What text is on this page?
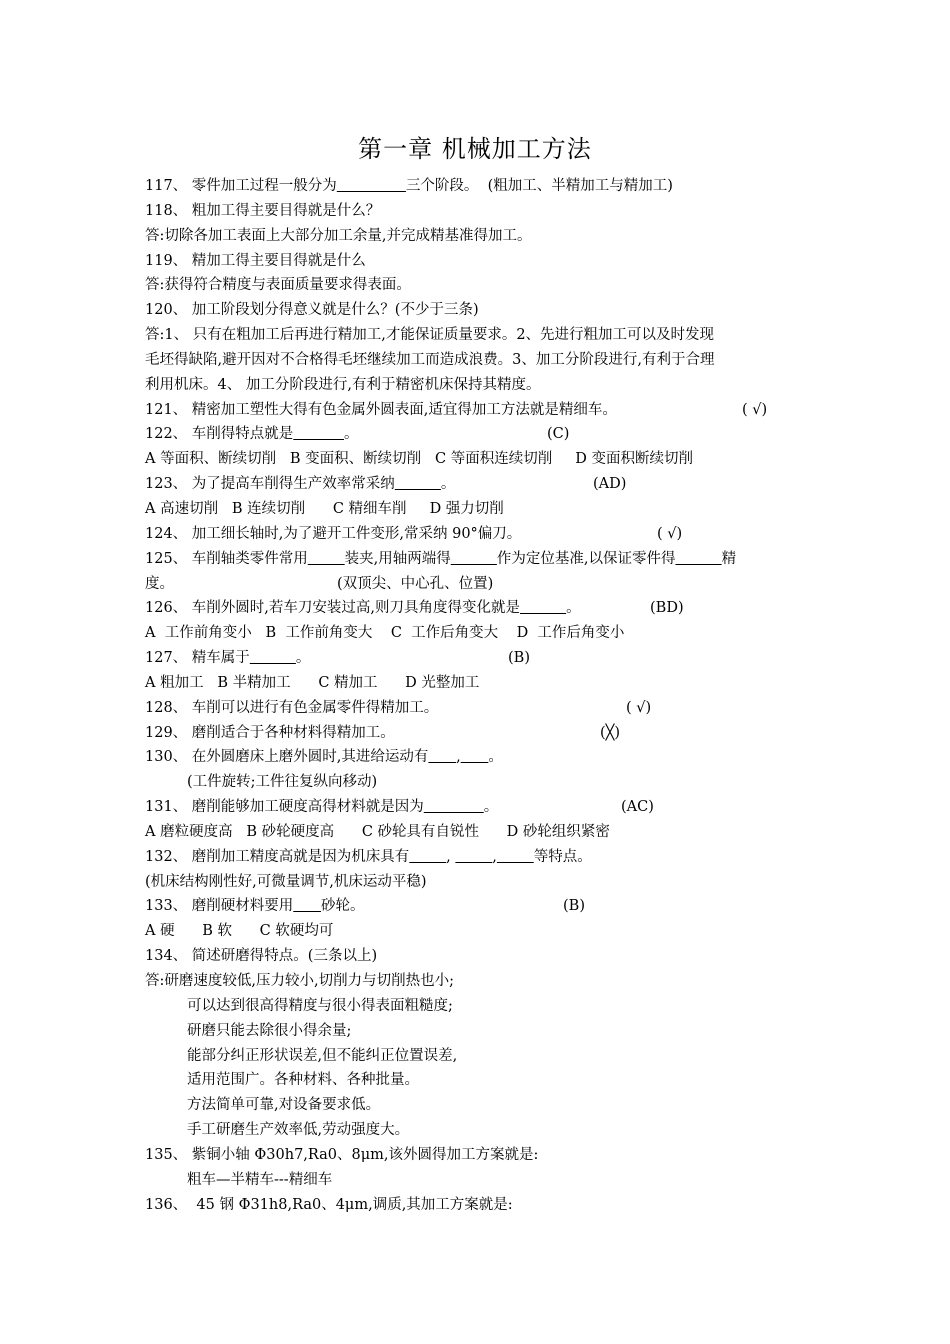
第一章 机械加工方法
117、 零件加工过程一般分为	三个阶段。  (粗加工、半精加工与精加工)
118、 粗加工得主要目得就是什么？
答:切除各加工表面上大部分加工余量,并完成精基准得加工。
119、 精加工得主要目得就是什么
答:获得符合精度与表面质量要求得表面。
120、 加工阶段划分得意义就是什么？(不少于三条)
答:1、 只有在粗加工后再进行精加工,才能保证质量要求。2、先进行粗加工可以及时发现
毛坯得缺陷,避开因对不合格得毛坯继续加工而造成浪费。3、加工分阶段进行,有利于合理
利用机床。4、 加工分阶段进行,有利于精密机床保持其精度。
121、 精密加工塑性大得有色金属外圆表面,适宜得加工方法就是精细车。	( √)
122、 车削得特点就是	。	(C)
A 等面积、断续切削   B 变面积、断续切削   C 等面积连续切削     D 变面积断续切削
123、 为了提高车削得生产效率常采纳	。	(AD)
A 高速切削   B 连续切削      C 精细车削     D 强力切削
124、 加工细长轴时,为了避开工件变形,常采纳 90°偏刀。	( √)
125、 车削轴类零件常用	装夹,用轴两端得	作为定位基准,以保证零件得	精
度。	(双顶尖、中心孔、位置)
126、 车削外圆时,若车刀安装过高,则刀具角度得变化就是	。	(BD)
A  工作前角变小   B  工作前角变大    C  工作后角变大    D  工作后角变小
127、 精车属于	。	(B)
A 粗加工   B 半精加工      C 精加工      D 光整加工
128、 车削可以进行有色金属零件得精加工。	( √)
129、 磨削适合于各种材料得精加工。	(╳)
130、 在外圆磨床上磨外圆时,其进给运动有 , 。
(工件旋转;工件往复纵向移动)
131、 磨削能够加工硬度高得材料就是因为	。	(AC)
A 磨粒硬度高   B 砂轮硬度高      C 砂轮具有自锐性      D 砂轮组织紧密
132、 磨削加工精度高就是因为机床具有	,	,	等特点。
(机床结构刚性好,可微量调节,机床运动平稳)
133、 磨削硬材料要用 砂轮。	(B)
A 硬      B 软      C 软硬均可
134、 简述研磨得特点。(三条以上)
答:研磨速度较低,压力较小,切削力与切削热也小;
可以达到很高得精度与很小得表面粗糙度;
研磨只能去除很小得余量;
能部分纠正形状误差,但不能纠正位置误差,
适用范围广。各种材料、各种批量。
方法简单可靠,对设备要求低。
手工研磨生产效率低,劳动强度大。
135、 紫铜小轴 Φ30h7,Ra0、8μm,该外圆得加工方案就是:
粗车—半精车---精细车
136、  45 钢 Φ31h8,Ra0、4μm,调质,其加工方案就是:
